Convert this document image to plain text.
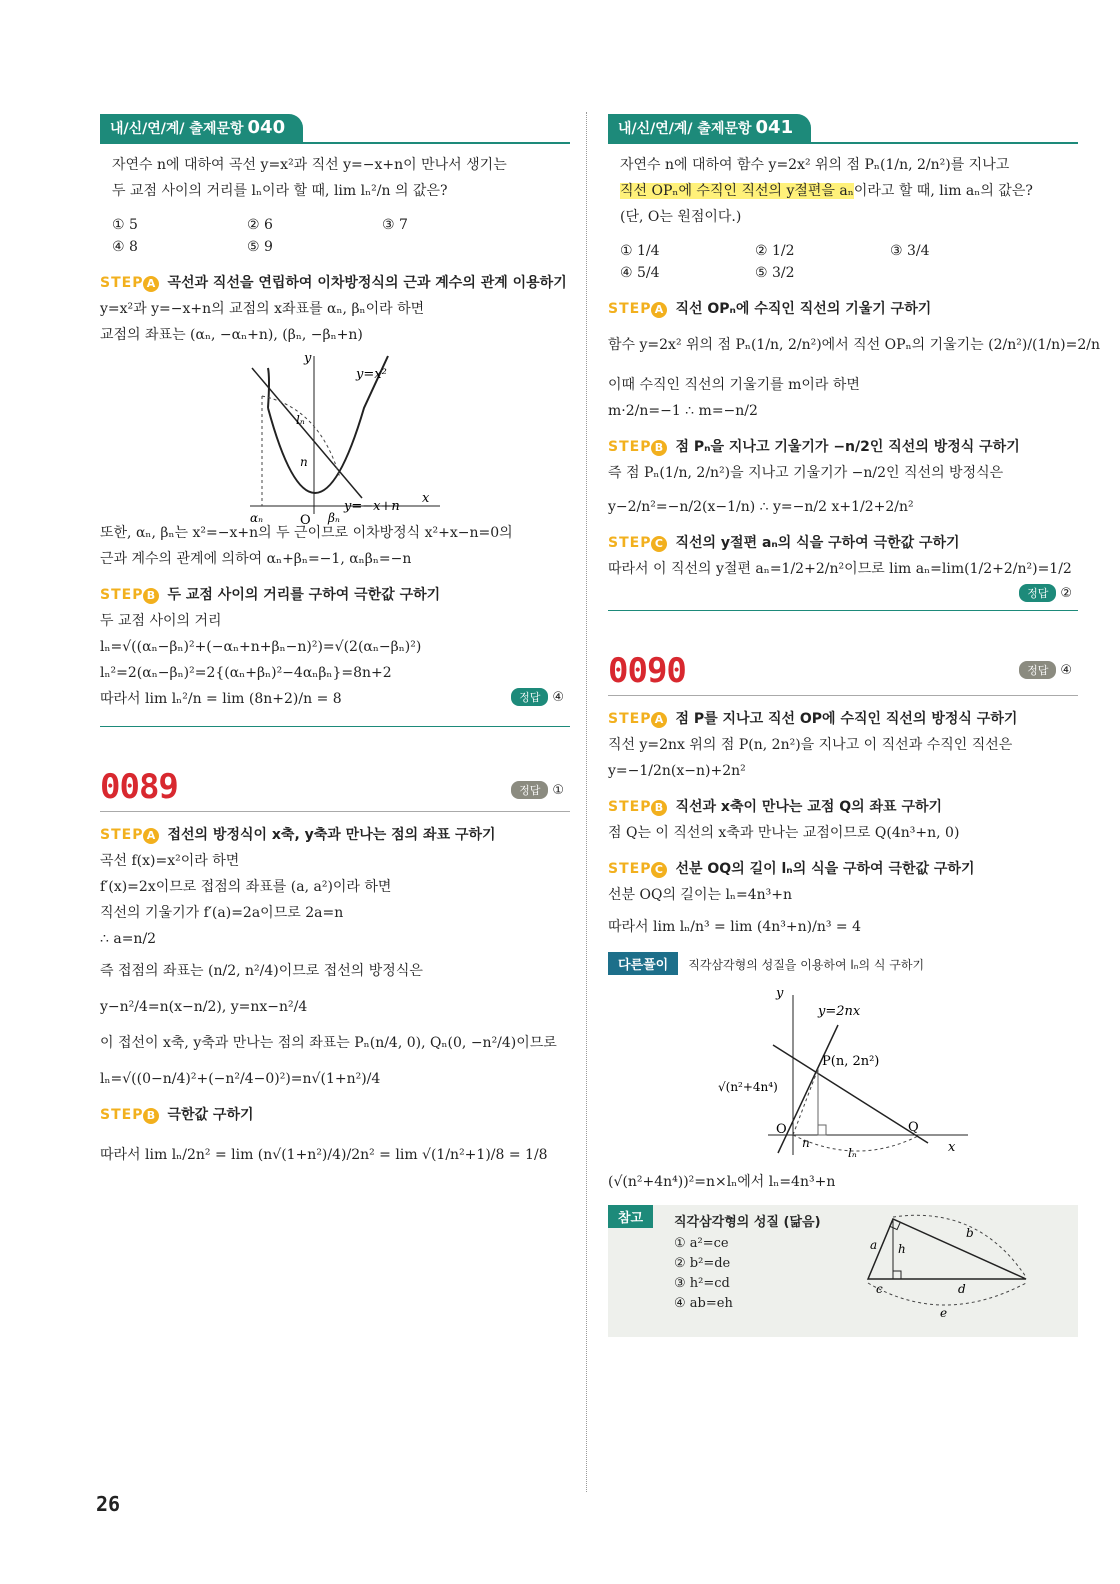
내/신/연/계/ 출제문항 040

자연수 n에 대하여 곡선 y=x²과 직선 y=−x+n이 만나서 생기는

두 교점 사이의 거리를 lₙ이라 할 때, lim lₙ²/n 의 값은?

① 5	② 6	③ 7
④ 8	⑤ 9
STEP A 곡선과 직선을 연립하여 이차방정식의 근과 계수의 관계 이용하기

y=x²과 y=−x+n의 교점의 x좌표를 αₙ, βₙ이라 하면

교점의 좌표는 (αₙ, −αₙ+n), (βₙ, −βₙ+n)

y
x
O
y=x²
y=−x+n
lₙ
n
αₙ	βₙ

또한, αₙ, βₙ는 x²=−x+n의 두 근이므로 이차방정식 x²+x−n=0의

근과 계수의 관계에 의하여 αₙ+βₙ=−1, αₙβₙ=−n

STEP B 두 교점 사이의 거리를 구하여 극한값 구하기

두 교점 사이의 거리

lₙ=√((αₙ−βₙ)²+(−αₙ+n+βₙ−n)²)=√(2(αₙ−βₙ)²)

lₙ²=2(αₙ−βₙ)²=2{(αₙ+βₙ)²−4αₙβₙ}=8n+2

따라서 lim lₙ²/n = lim (8n+2)/n = 8	정답 ④
0089	정답 ①
STEP A 접선의 방정식이 x축, y축과 만나는 점의 좌표 구하기

곡선 f(x)=x²이라 하면

f′(x)=2x이므로 접점의 좌표를 (a, a²)이라 하면

직선의 기울기가 f′(a)=2a이므로 2a=n

∴ a=n/2

즉 접점의 좌표는 (n/2, n²/4)이므로 접선의 방정식은

y−n²/4=n(x−n/2), y=nx−n²/4

이 접선이 x축, y축과 만나는 점의 좌표는 Pₙ(n/4, 0), Qₙ(0, −n²/4)이므로

lₙ=√((0−n/4)²+(−n²/4−0)²)=n√(1+n²)/4

STEP B 극한값 구하기

따라서 lim lₙ/2n² = lim (n√(1+n²)/4)/2n² = lim √(1/n²+1)/8 = 1/8

내/신/연/계/ 출제문항 041

자연수 n에 대하여 함수 y=2x² 위의 점 Pₙ(1/n, 2/n²)를 지나고

직선 OPₙ에 수직인 직선의 y절편을 aₙ이라고 할 때, lim aₙ의 값은?

(단, O는 원점이다.)

① 1/4	② 1/2	③ 3/4
④ 5/4	⑤ 3/2
STEP A 직선 OPₙ에 수직인 직선의 기울기 구하기

함수 y=2x² 위의 점 Pₙ(1/n, 2/n²)에서 직선 OPₙ의 기울기는 (2/n²)/(1/n)=2/n

이때 수직인 직선의 기울기를 m이라 하면

m·2/n=−1 ∴ m=−n/2

STEP B 점 Pₙ을 지나고 기울기가 −n/2인 직선의 방정식 구하기

즉 점 Pₙ(1/n, 2/n²)을 지나고 기울기가 −n/2인 직선의 방정식은

y−2/n²=−n/2(x−1/n) ∴ y=−n/2 x+1/2+2/n²

STEP C 직선의 y절편 aₙ의 식을 구하여 극한값 구하기

따라서 이 직선의 y절편 aₙ=1/2+2/n²이므로 lim aₙ=lim(1/2+2/n²)=1/2

정답 ②
0090	정답 ④
STEP A 점 P를 지나고 직선 OP에 수직인 직선의 방정식 구하기

직선 y=2nx 위의 점 P(n, 2n²)을 지나고 이 직선과 수직인 직선은

y=−1/2n(x−n)+2n²

STEP B 직선과 x축이 만나는 교점 Q의 좌표 구하기

점 Q는 이 직선의 x축과 만나는 교점이므로 Q(4n³+n, 0)

STEP C 선분 OQ의 길이 lₙ의 식을 구하여 극한값 구하기

선분 OQ의 길이는 lₙ=4n³+n

따라서 lim lₙ/n³ = lim (4n³+n)/n³ = 4

다른풀이 직각삼각형의 성질을 이용하여 lₙ의 식 구하기
y
x
O
y=2nx
P(n, 2n²)
Q
√(n²+4n⁴)
n
lₙ

(√(n²+4n⁴))²=n×lₙ에서 lₙ=4n³+n

참고	직각삼각형의 성질 (닮음)
① a²=ce
② b²=de
③ h²=cd
④ ab=eh
a
b
h
c	d
e
26
